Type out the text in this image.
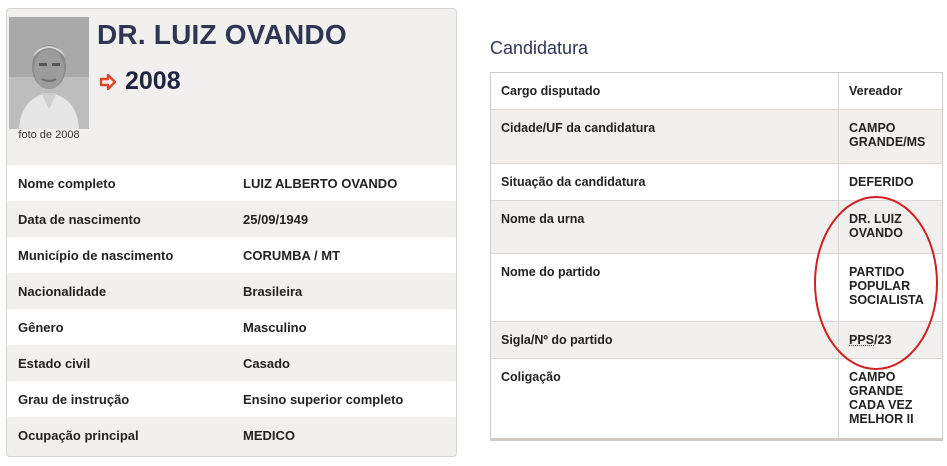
foto de 2008
DR. LUIZ OVANDO
2008
Nome completo	LUIZ ALBERTO OVANDO
Data de nascimento	25/09/1949
Município de nascimento	CORUMBA / MT
Nacionalidade	Brasileira
Gênero	Masculino
Estado civil	Casado
Grau de instrução	Ensino superior completo
Ocupação principal	MEDICO
Candidatura
Cargo disputado	Vereador
Cidade/UF da candidatura	CAMPO
GRANDE/MS
Situação da candidatura	DEFERIDO
Nome da urna	DR. LUIZ
OVANDO
Nome do partido	PARTIDO
POPULAR
SOCIALISTA
Sigla/Nº do partido	PPS/23
Coligação	CAMPO
GRANDE
CADA VEZ
MELHOR II
